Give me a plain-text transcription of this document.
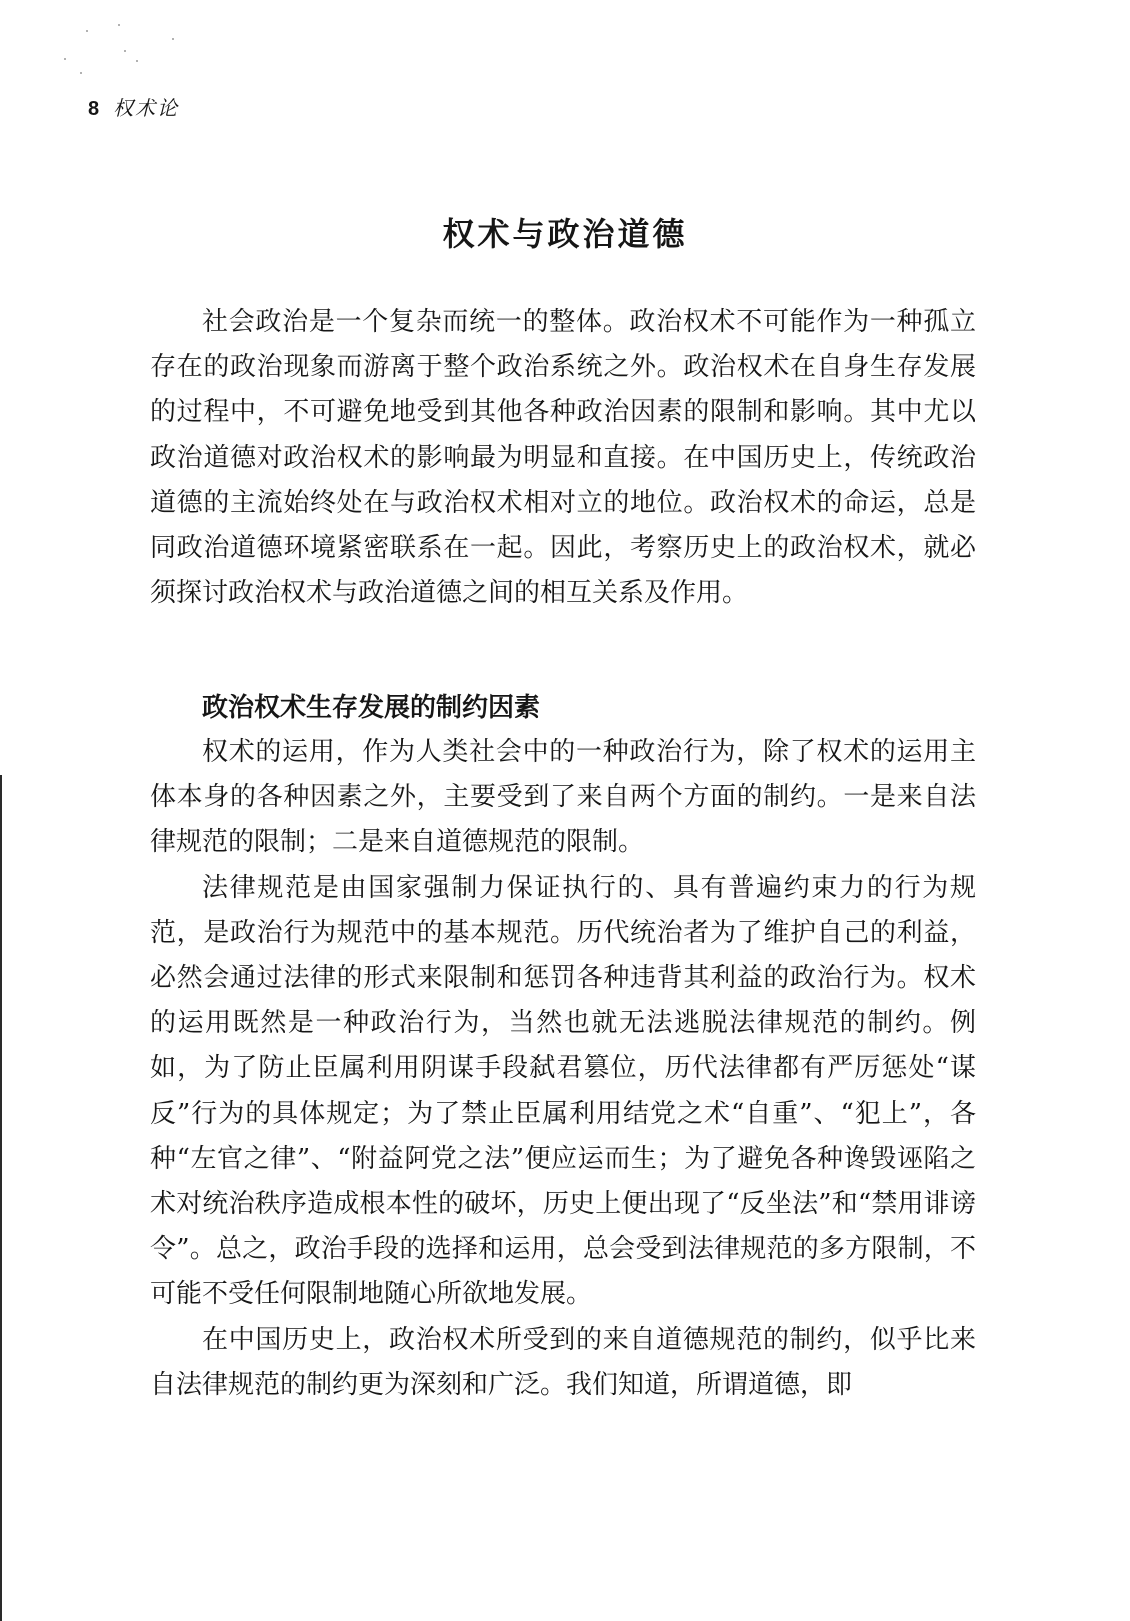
8 权术论
权术与政治道德

社会政治是一个复杂而统一的整体。政治权术不可能作为一种孤立存在的政治现象而游离于整个政治系统之外。政治权术在自身生存发展的过程中，不可避免地受到其他各种政治因素的限制和影响。其中尤以政治道德对政治权术的影响最为明显和直接。在中国历史上，传统政治道德的主流始终处在与政治权术相对立的地位。政治权术的命运，总是同政治道德环境紧密联系在一起。因此，考察历史上的政治权术，就必须探讨政治权术与政治道德之间的相互关系及作用。

政治权术生存发展的制约因素

权术的运用，作为人类社会中的一种政治行为，除了权术的运用主体本身的各种因素之外，主要受到了来自两个方面的制约。一是来自法律规范的限制；二是来自道德规范的限制。

法律规范是由国家强制力保证执行的、具有普遍约束力的行为规范，是政治行为规范中的基本规范。历代统治者为了维护自己的利益，必然会通过法律的形式来限制和惩罚各种违背其利益的政治行为。权术的运用既然是一种政治行为，当然也就无法逃脱法律规范的制约。例如，为了防止臣属利用阴谋手段弑君篡位，历代法律都有严厉惩处“谋反”行为的具体规定；为了禁止臣属利用结党之术“自重”、“犯上”，各种“左官之律”、“附益阿党之法”便应运而生；为了避免各种谗毁诬陷之术对统治秩序造成根本性的破坏，历史上便出现了“反坐法”和“禁用诽谤令”。总之，政治手段的选择和运用，总会受到法律规范的多方限制，不可能不受任何限制地随心所欲地发展。

在中国历史上，政治权术所受到的来自道德规范的制约，似乎比来自法律规范的制约更为深刻和广泛。我们知道，所谓道德，即
